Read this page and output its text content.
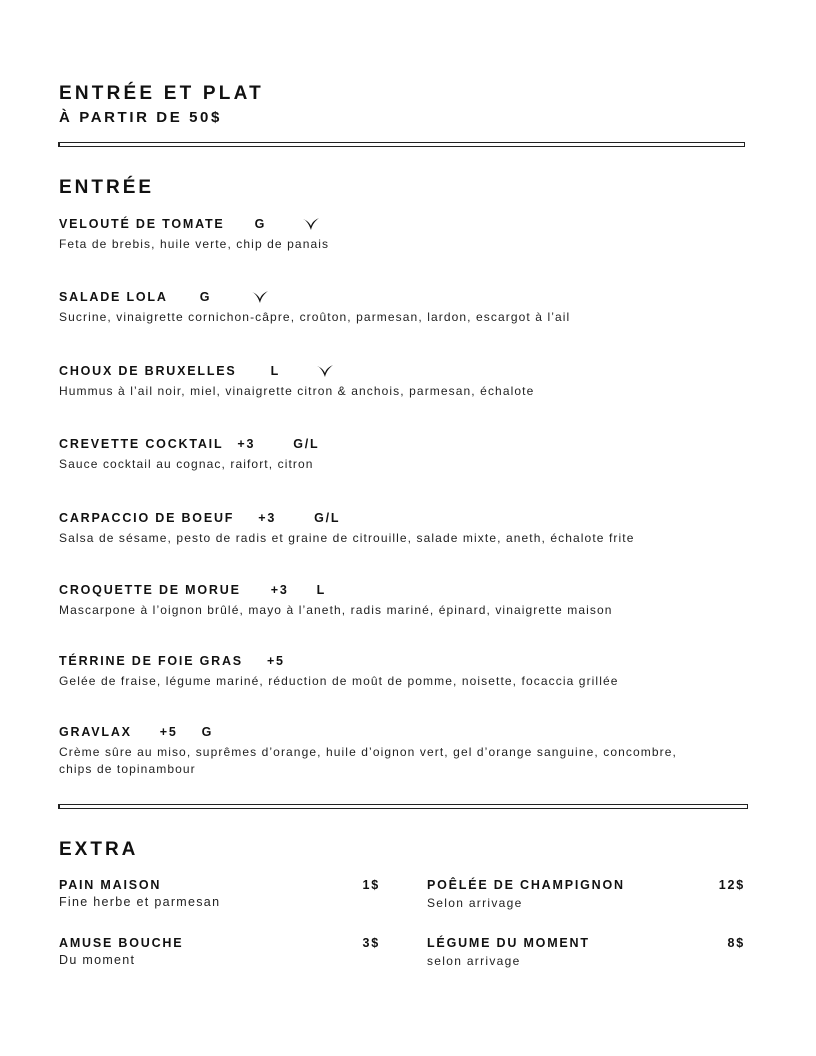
ENTRÉE ET PLAT
À PARTIR DE 50$
ENTRÉE
VELOUTÉ DE TOMATE G
Feta de brebis, huile verte, chip de panais
SALADE LOLA	G
Sucrine, vinaigrette cornichon-câpre, croûton, parmesan, lardon, escargot à l’ail
CHOUX DE BRUXELLES	L
Hummus à l’ail noir, miel, vinaigrette citron & anchois, parmesan, échalote
CREVETTE COCKTAIL +3	G/L
Sauce cocktail au cognac, raifort, citron
CARPACCIO DE BOEUF +3	G/L
Salsa de sésame, pesto de radis et graine de citrouille, salade mixte, aneth, échalote frite
CROQUETTE DE MORUE +3 L
Mascarpone à l’oignon brûlé, mayo à l’aneth, radis mariné, épinard, vinaigrette maison
TÉRRINE DE FOIE GRAS +5
Gelée de fraise, légume mariné, réduction de moût de pomme, noisette, focaccia grillée
GRAVLAX +5 G
Crème sûre au miso, suprêmes d’orange, huile d’oignon vert, gel d’orange sanguine, concombre, chips de topinambour
EXTRA
PAIN MAISON	1$
Fine herbe et parmesan
POÊLÉE DE CHAMPIGNON	12$
Selon arrivage
AMUSE BOUCHE	3$
Du moment
LÉGUME DU MOMENT	8$
selon arrivage
